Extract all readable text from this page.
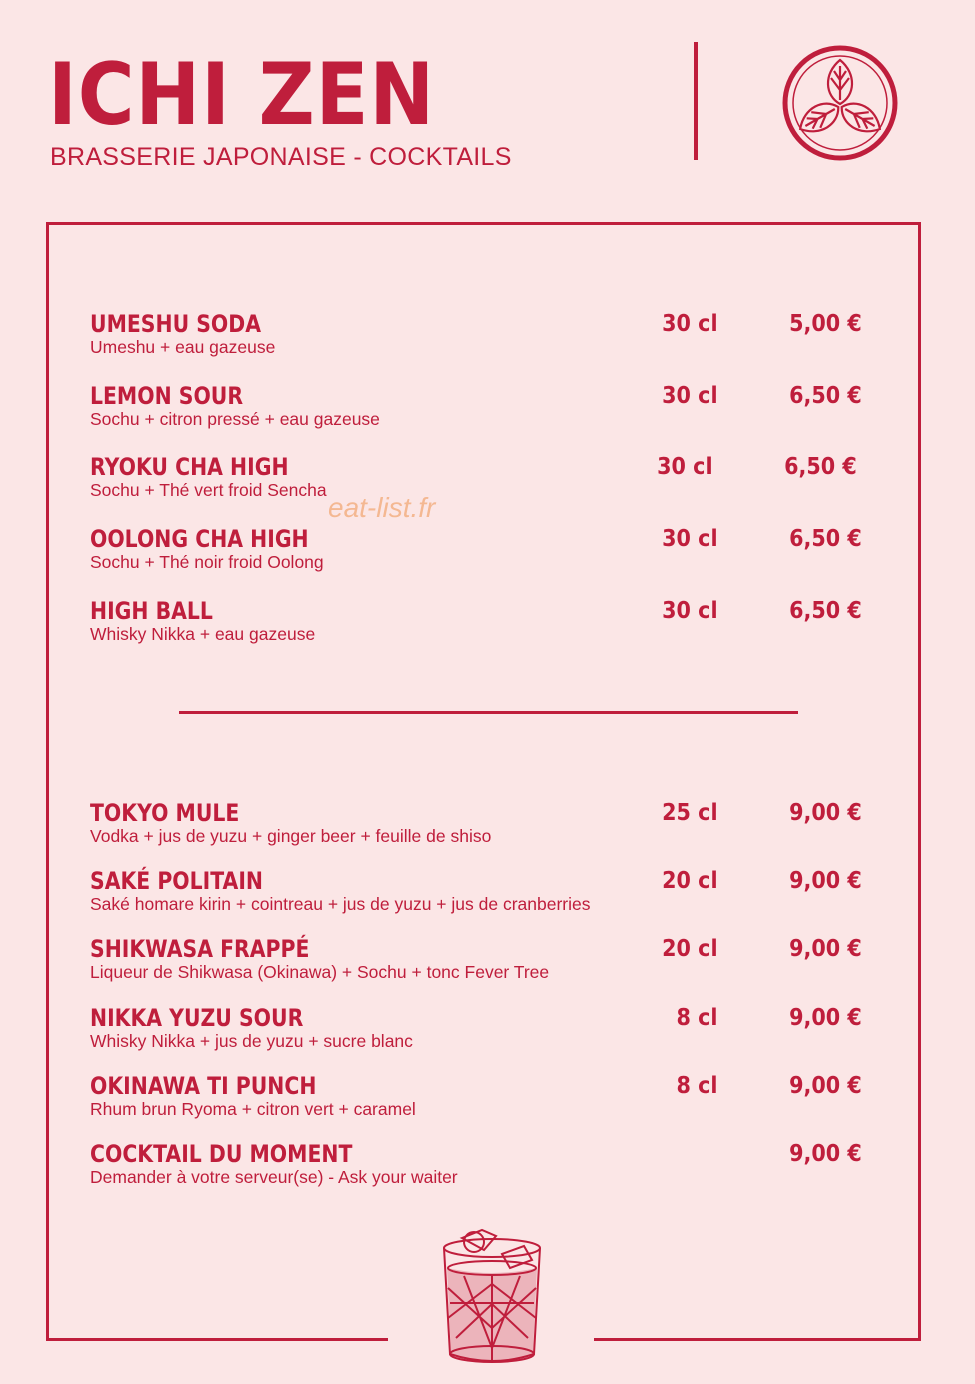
ICHI ZEN
BRASSERIE JAPONAISE - COCKTAILS
UMESHU SODA
Umeshu + eau gazeuse
30 cl	5,00 €
LEMON SOUR
Sochu + citron pressé + eau gazeuse
30 cl	6,50 €
RYOKU CHA HIGH
Sochu + Thé vert froid Sencha
30 cl	6,50 €
OOLONG CHA HIGH
Sochu + Thé noir froid Oolong
30 cl	6,50 €
HIGH BALL
Whisky Nikka + eau gazeuse
30 cl	6,50 €
TOKYO MULE
Vodka + jus de yuzu + ginger beer + feuille de shiso
25 cl	9,00 €
SAKÉ POLITAIN
Saké homare kirin + cointreau + jus de yuzu + jus de cranberries
20 cl	9,00 €
SHIKWASA FRAPPÉ
Liqueur de Shikwasa (Okinawa) + Sochu + tonc Fever Tree
20 cl	9,00 €
NIKKA YUZU SOUR
Whisky Nikka + jus de yuzu + sucre blanc
8 cl	9,00 €
OKINAWA TI PUNCH
Rhum brun Ryoma + citron vert + caramel
8 cl	9,00 €
COCKTAIL DU MOMENT
Demander à votre serveur(se) - Ask your waiter
9,00 €
eat-list.fr
